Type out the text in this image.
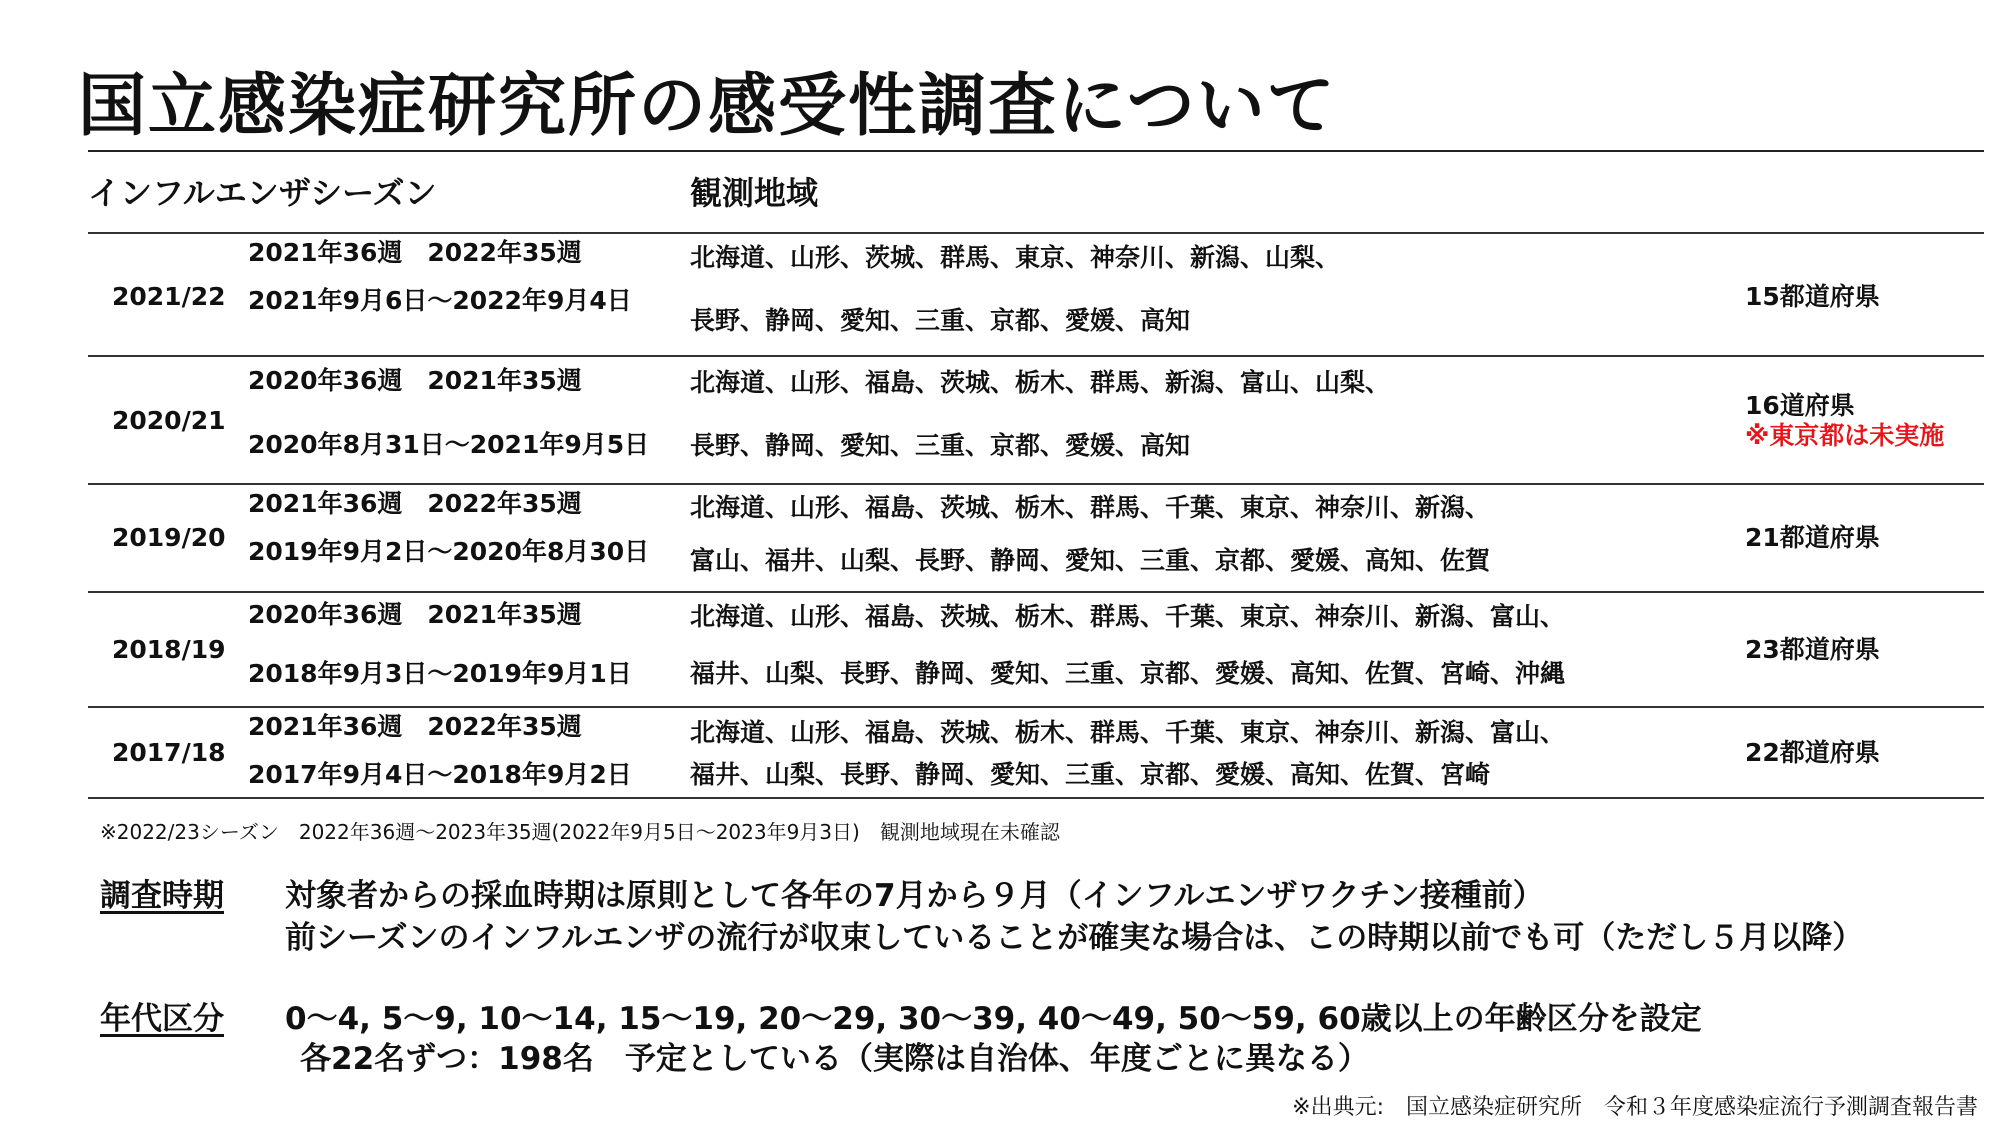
国立感染症研究所の感受性調査について
インフルエンザシーズン	観測地域
2021/22
2021年36週　2022年35週
2021年9月6日～2022年9月4日
北海道、山形、茨城、群馬、東京、神奈川、新潟、山梨、
長野、静岡、愛知、三重、京都、愛媛、高知
15都道府県
2020/21
2020年36週　2021年35週
2020年8月31日～2021年9月5日
北海道、山形、福島、茨城、栃木、群馬、新潟、富山、山梨、
長野、静岡、愛知、三重、京都、愛媛、高知
16道府県
※東京都は未実施
2019/20
2021年36週　2022年35週
2019年9月2日～2020年8月30日
北海道、山形、福島、茨城、栃木、群馬、千葉、東京、神奈川、新潟、
富山、福井、山梨、長野、静岡、愛知、三重、京都、愛媛、高知、佐賀
21都道府県
2018/19
2020年36週　2021年35週
2018年9月3日～2019年9月1日
北海道、山形、福島、茨城、栃木、群馬、千葉、東京、神奈川、新潟、富山、
福井、山梨、長野、静岡、愛知、三重、京都、愛媛、高知、佐賀、宮崎、沖縄
23都道府県
2017/18
2021年36週　2022年35週
2017年9月4日～2018年9月2日
北海道、山形、福島、茨城、栃木、群馬、千葉、東京、神奈川、新潟、富山、
福井、山梨、長野、静岡、愛知、三重、京都、愛媛、高知、佐賀、宮崎
22都道府県
※2022/23シーズン　2022年36週～2023年35週(2022年9月5日～2023年9月3日)　観測地域現在未確認
調査時期 対象者からの採血時期は原則として各年の7月から９月（インフルエンザワクチン接種前）
前シーズンのインフルエンザの流行が収束していることが確実な場合は、この時期以前でも可（ただし５月以降）
年代区分 0～4, 5～9, 10～14, 15～19, 20～29, 30～39, 40～49, 50～59, 60歳以上の年齢区分を設定
各22名ずつ：198名　予定としている（実際は自治体、年度ごとに異なる）
※出典元:　国立感染症研究所　令和３年度感染症流行予測調査報告書
